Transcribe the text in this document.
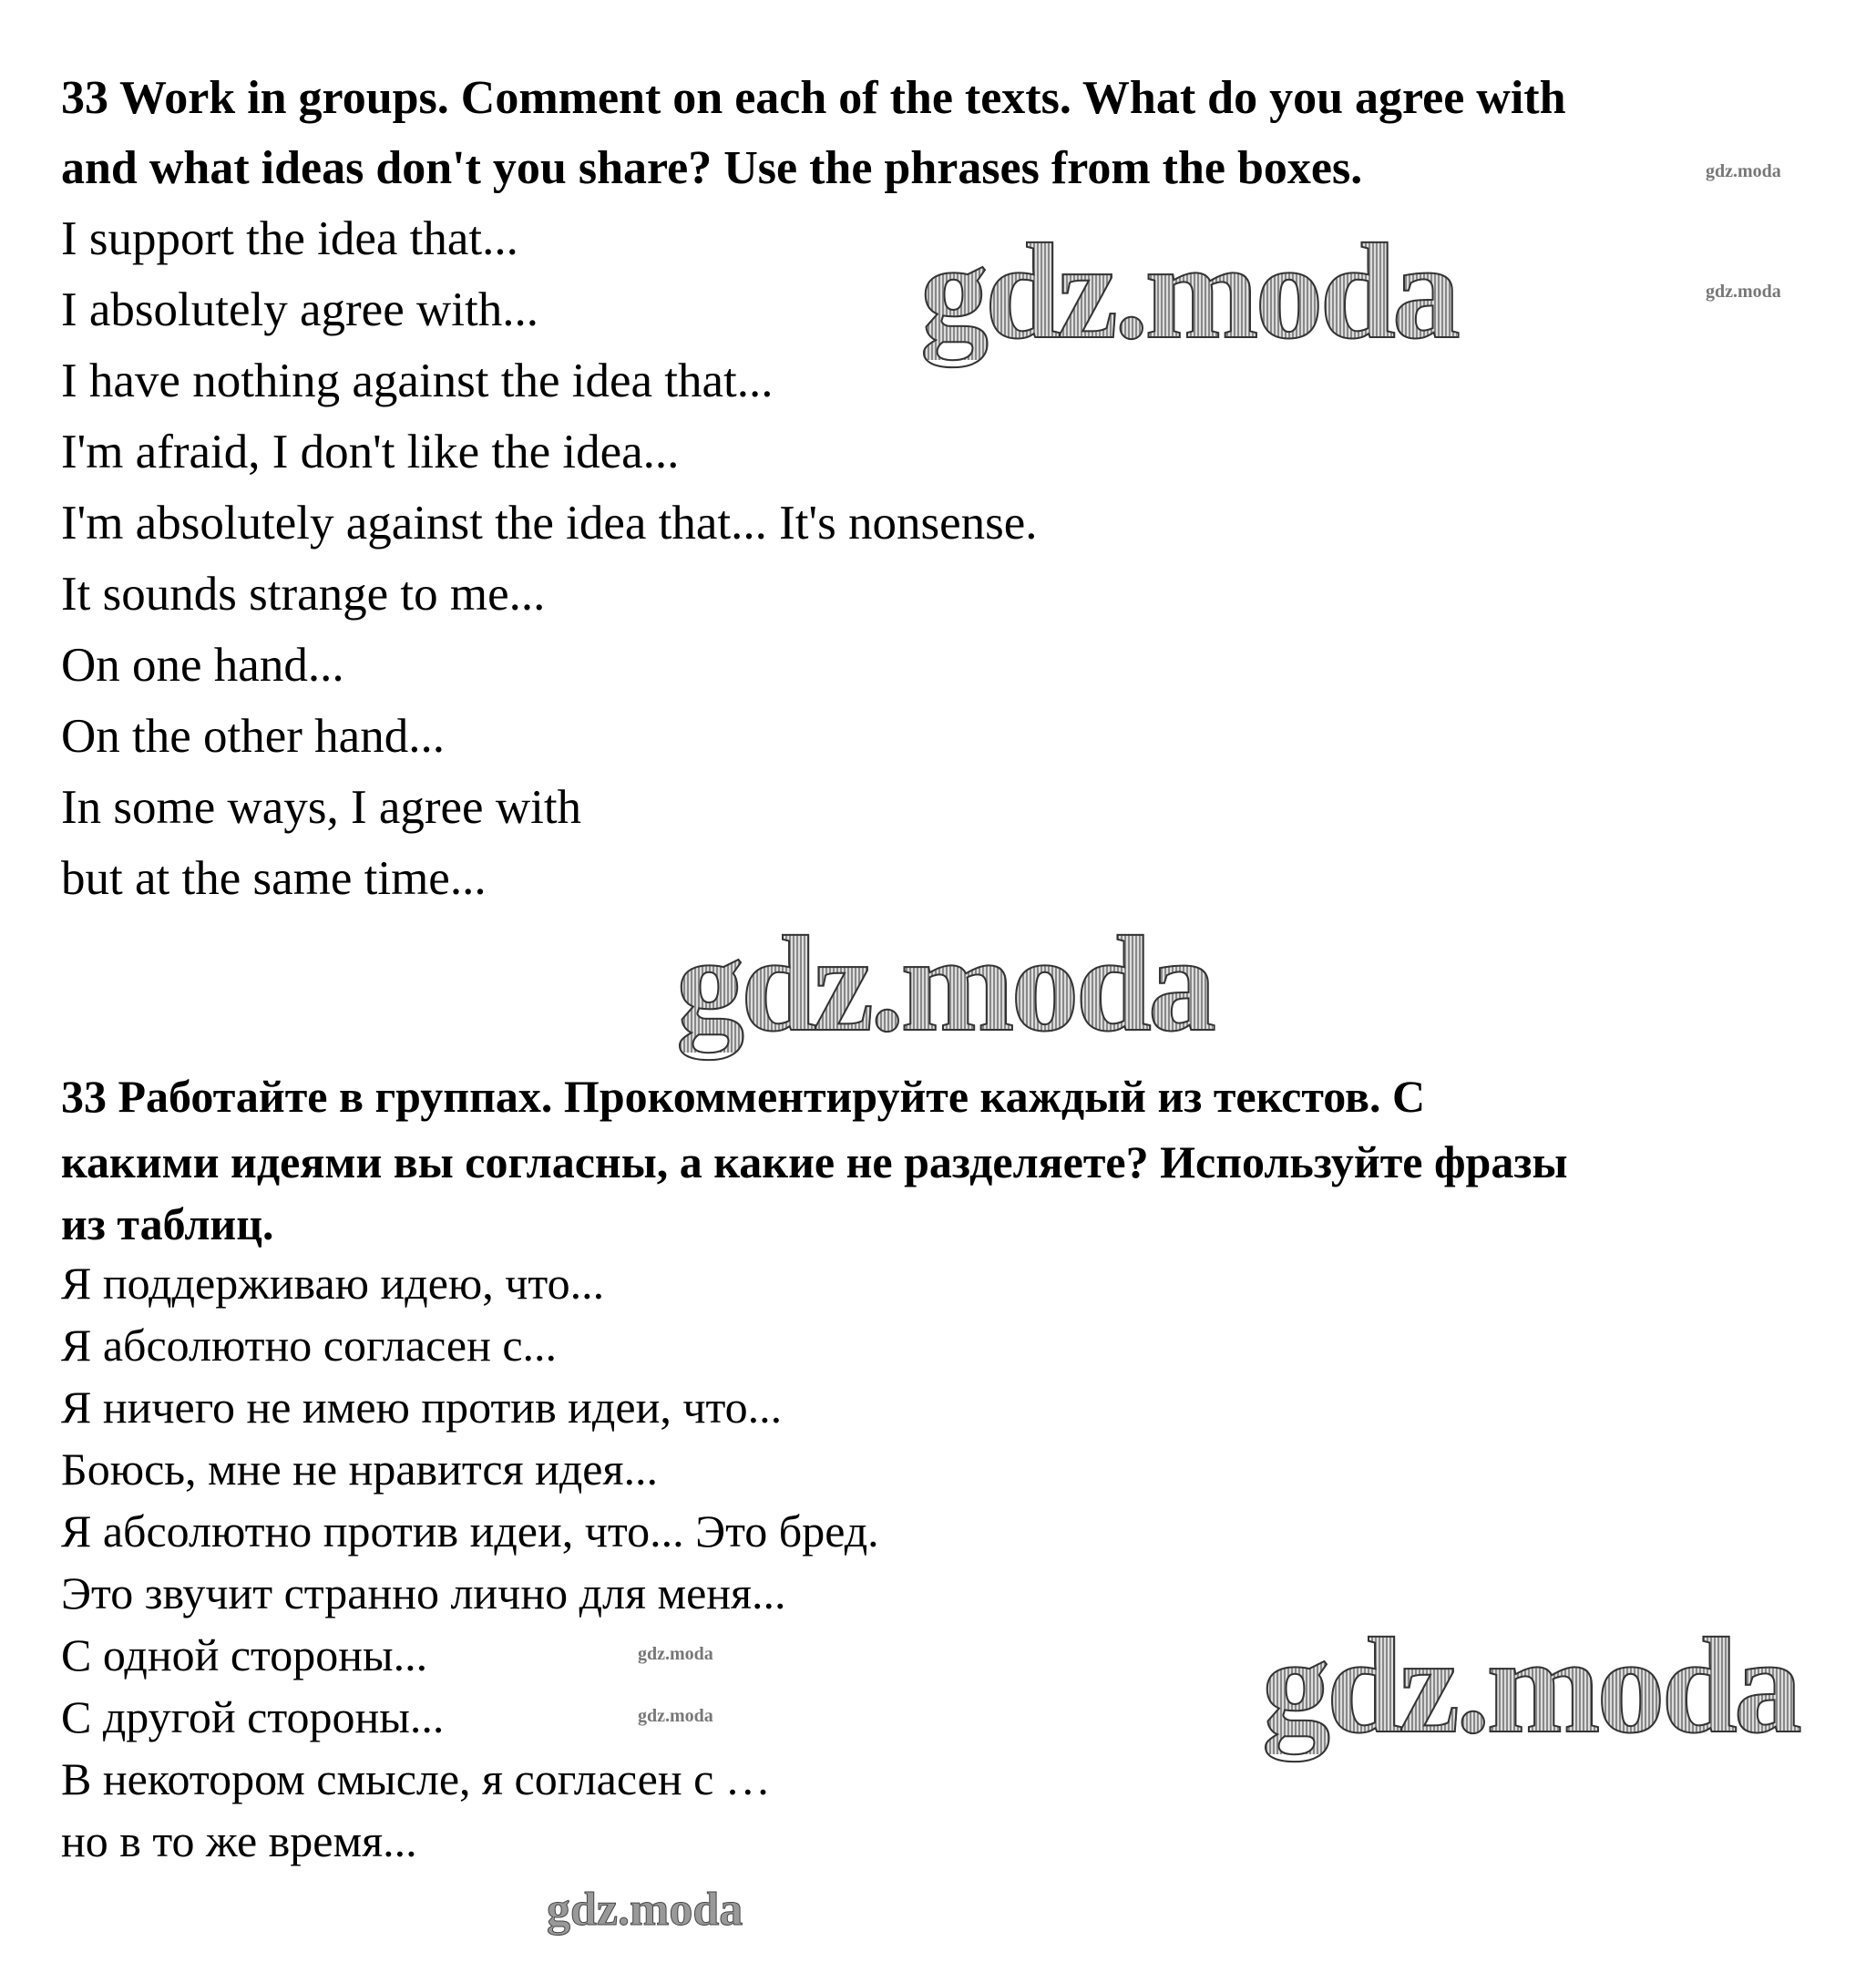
33 Work in groups. Comment on each of the texts. What do you agree with
and what ideas don't you share? Use the phrases from the boxes.
I support the idea that...
I absolutely agree with...
I have nothing against the idea that...
I'm afraid, I don't like the idea...
I'm absolutely against the idea that... It's nonsense.
It sounds strange to me...
On one hand...
On the other hand...
In some ways, I agree with
but at the same time...
33 Работайте в группах. Прокомментируйте каждый из текстов. С
какими идеями вы согласны, а какие не разделяете? Используйте фразы
из таблиц.
Я поддерживаю идею, что...
Я абсолютно согласен с...
Я ничего не имею против идеи, что...
Боюсь, мне не нравится идея...
Я абсолютно против идеи, что... Это бред.
Это звучит странно лично для меня...
С одной стороны...
С другой стороны...
В некотором смысле, я согласен с …
но в то же время...
gdz.moda
gdz.moda
gdz.moda
gdz.moda
gdz.moda
gdz.moda
gdz.moda
gdz.moda
